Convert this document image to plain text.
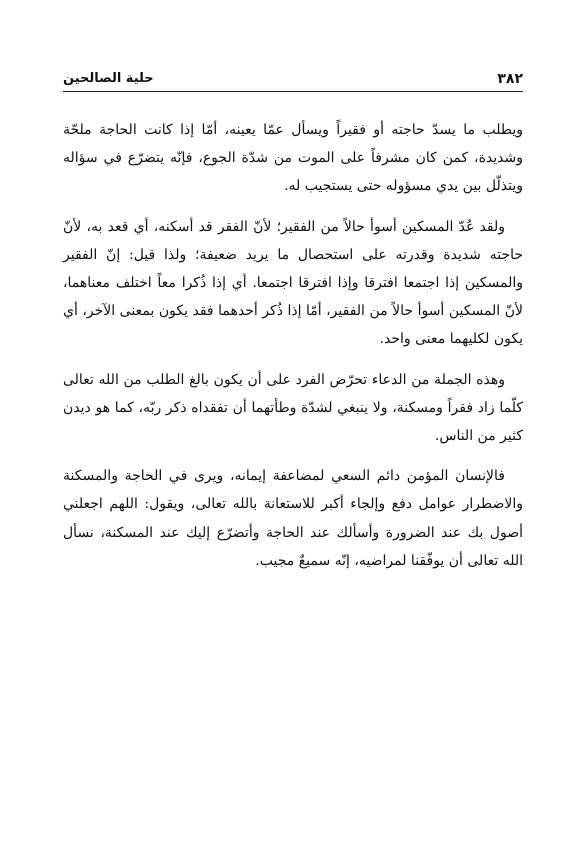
٣٨٢
حلية الصالحين

ويطلب ما يسدّ حاجته أو فقيراً ويسأل عمّا يعينه، أمّا إذا كانت الحاجة ملحّة وشديدة، كمن كان مشرفاً على الموت من شدّة الجوع، فإنّه يتضرّع في سؤاله ويتذلّل بين يدي مسؤوله حتى يستجيب له.

ولقد عُدّ المسكين أسوأ حالاً من الفقير؛ لأنّ الفقر قد أسكنه، أي قعد به، لأنّ حاجته شديدة وقدرته على استحصال ما يريد ضعيفة؛ ولذا قيل: إنّ الفقير والمسكين إذا اجتمعا افترقا وإذا افترقا اجتمعا. أي إذا ذُكرا معاً اختلف معناهما، لأنّ المسكين أسوأ حالاً من الفقير، أمّا إذا ذُكر أحدهما فقد يكون بمعنى الآخر، أي يكون لكليهما معنى واحد.

وهذه الجملة من الدعاء تحرّض الفرد على أن يكون بالغ الطلب من الله تعالى كلّما زاد فقراً ومسكنة، ولا ينبغي لشدّة وطأتهما أن تفقداه ذكر ربّه، كما هو ديدن كثير من الناس.

فالإنسان المؤمن دائم السعي لمضاعفة إيمانه، ويرى في الحاجة والمسكنة والاضطرار عوامل دفع وإلجاء أكبر للاستعانة بالله تعالى، ويقول: اللهم اجعلني أصول بك عند الضرورة وأسألك عند الحاجة وأتضرّع إليك عند المسكنة، نسأل الله تعالى أن يوفّقنا لمراضيه، إنّه سميعٌ مجيب.
